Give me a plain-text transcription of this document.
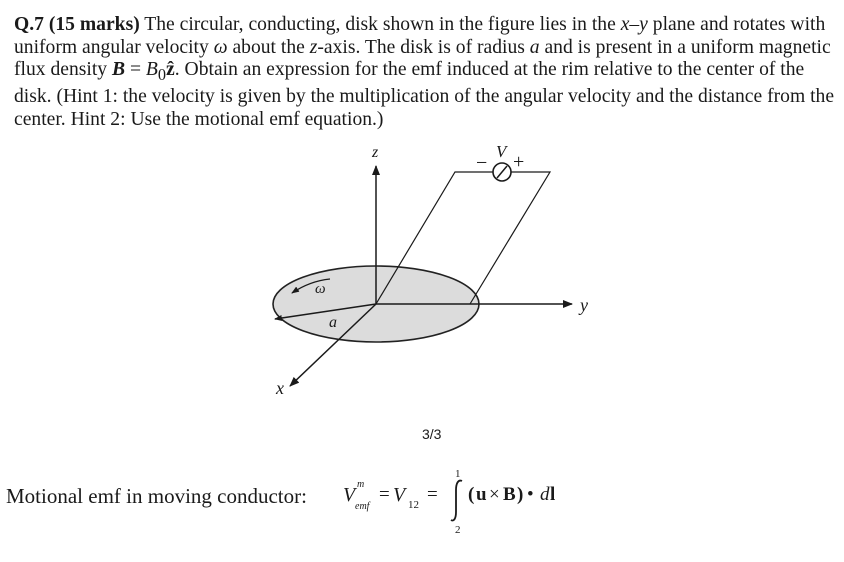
Q.7 (15 marks) The circular, conducting, disk shown in the figure lies in the x–y plane and rotates with uniform angular velocity ω about the z-axis. The disk is of radius a and is present in a uniform magnetic flux density $B = B_0ẑ$. Obtain an expression for the emf induced at the rim relative to the center of the disk. (Hint 1: the velocity is given by the multiplication of the angular velocity and the distance from the center. Hint 2: Use the motional emf equation.)

z
y
x
V
− +
ω
a
3/3
Motional emf in moving conductor: V m
emf
= V 12 =
1
2
( u × B ) • d l
